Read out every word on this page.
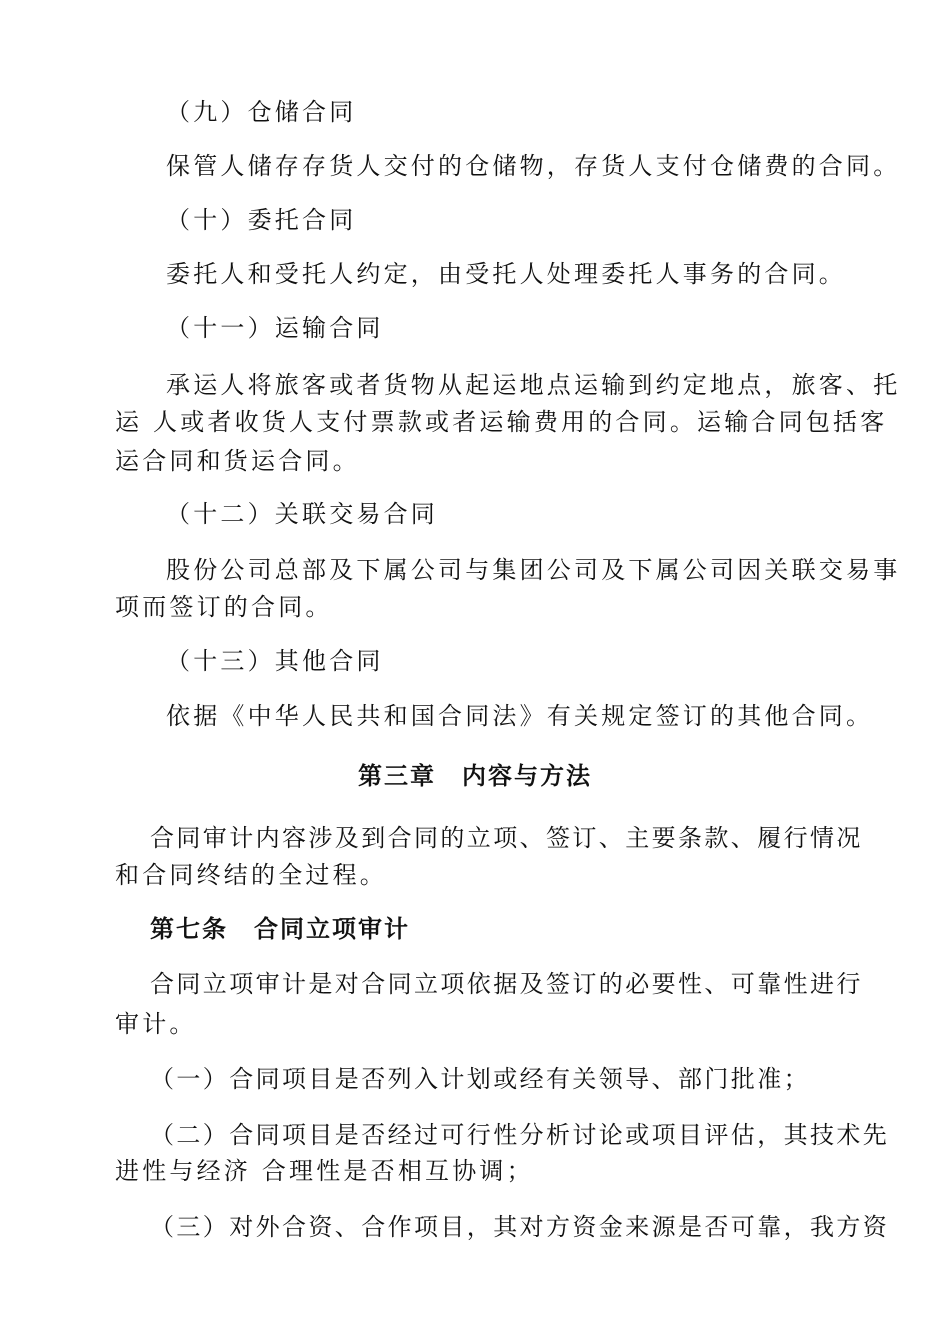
（九）仓储合同
保管人储存存货人交付的仓储物，存货人支付仓储费的合同。
（十）委托合同
委托人和受托人约定，由受托人处理委托人事务的合同。
（十一）运输合同
承运人将旅客或者货物从起运地点运输到约定地点，旅客、托
运 人或者收货人支付票款或者运输费用的合同。运输合同包括客
运合同和货运合同。
（十二）关联交易合同
股份公司总部及下属公司与集团公司及下属公司因关联交易事
项而签订的合同。
（十三）其他合同
依据《中华人民共和国合同法》有关规定签订的其他合同。
第三章　内容与方法
合同审计内容涉及到合同的立项、签订、主要条款、履行情况
和合同终结的全过程。
第七条　合同立项审计
合同立项审计是对合同立项依据及签订的必要性、可靠性进行
审计。
（一）合同项目是否列入计划或经有关领导、部门批准；
（二）合同项目是否经过可行性分析讨论或项目评估，其技术先
进性与经济 合理性是否相互协调；
（三）对外合资、合作项目，其对方资金来源是否可靠，我方资
